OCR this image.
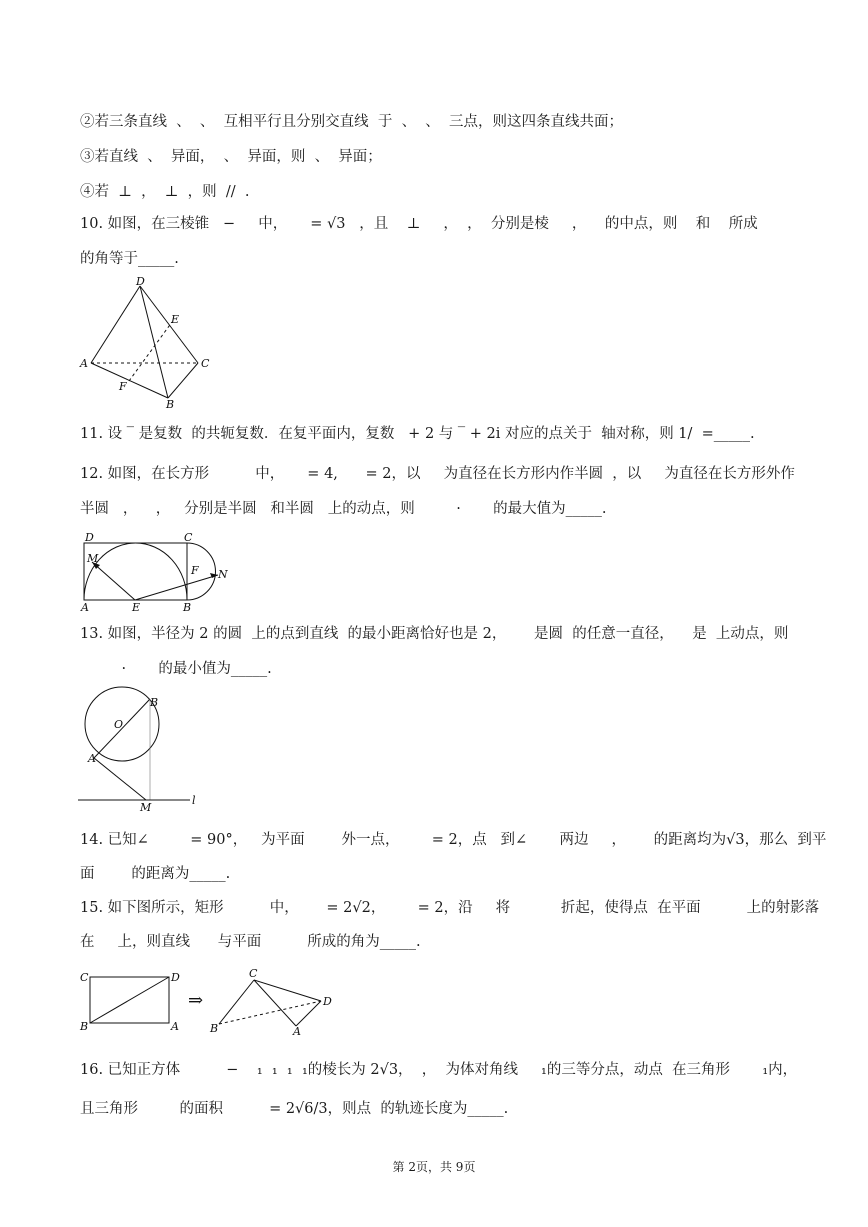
②若三条直线  、  、  互相平行且分别交直线  于  、  、  三点，则这四条直线共面；
③若直线  、  异面，  、  异面，则  、  异面；
④若  ⊥  ，  ⊥  ，则  //  .
10. 如图，在三棱锥   −     中，     = √3   ，且    ⊥     ，  ，  分别是棱     ，    的中点，则    和    所成
的角等于_____.
D
E
A	C
F
B
11. 设 ‾ 是复数  的共轭复数．在复平面内，复数   + 2 与 ‾ + 2i 对应的点关于  轴对称，则 1/  =_____.
12. 如图，在长方形          中，     = 4,      = 2，以     为直径在长方形内作半圆  ，以     为直径在长方形外作
半圆   ，    ，   分别是半圆   和半圆   上的动点，则         ·       的最大值为_____.
D	C
M
F N
A	E	B
13. 如图，半径为 2 的圆  上的点到直线  的最小距离恰好也是 2，      是圆  的任意一直径，    是  上动点，则
·       的最小值为_____.
B
O
A
M
l
14. 已知∠         = 90°，   为平面        外一点，       = 2，点   到∠       两边     ，      的距离均为√3，那么  到平
面        的距离为_____.
15. 如下图所示，矩形          中，      = 2√2，       = 2，沿     将           折起，使得点  在平面          上的射影落
在     上，则直线      与平面          所成的角为_____.
C	D
B	A
⇒
C
D
B	A
16. 已知正方体          −    ₁  ₁  ₁  ₁的棱长为 2√3，  ，  为体对角线     ₁的三等分点，动点  在三角形       ₁内，
且三角形         的面积          = 2√6/3，则点  的轨迹长度为_____.
第 2页，共 9页
